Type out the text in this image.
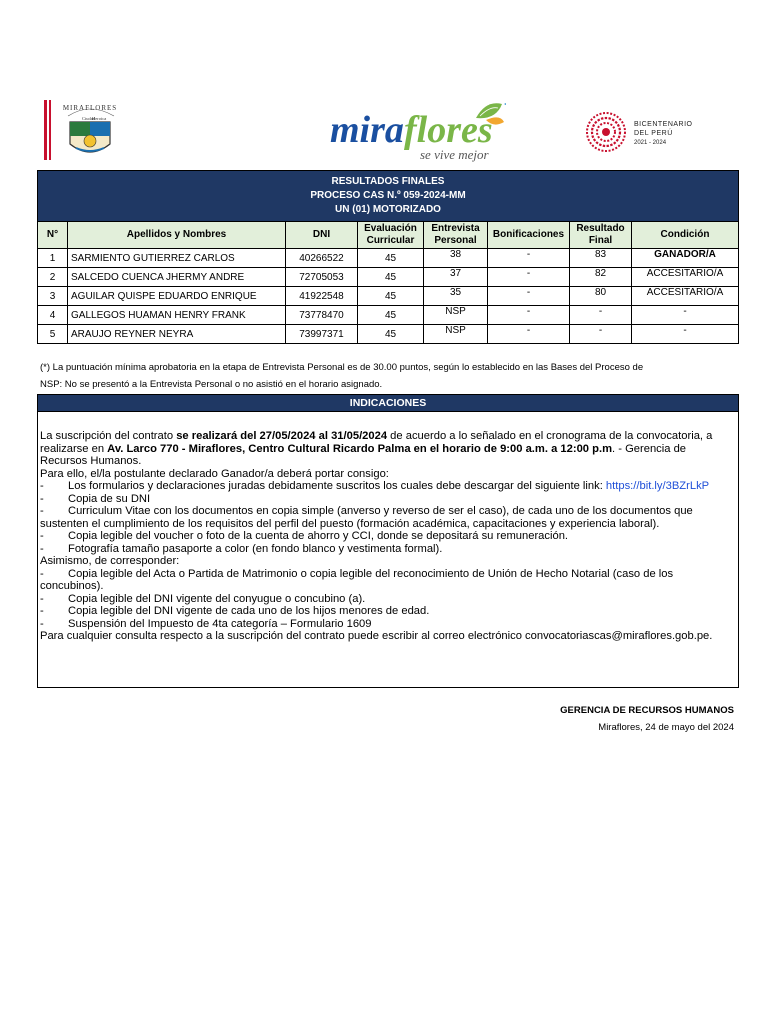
MIRAFLORES
Ciudad
Heroica	mira flores
se vive mejor
BICENTENARIO
DEL PERÚ
2021 - 2024
RESULTADOS FINALES
PROCESO CAS N.º 059-2024-MM
UN (01) MOTORIZADO							

N°	Apellidos y Nombres	DNI	Evaluación Curricular	Entrevista Personal	Bonificaciones	Resultado Final	Condición
1	SARMIENTO GUTIERREZ CARLOS	40266522	45	38	-	83	GANADOR/A
2	SALCEDO CUENCA JHERMY ANDRE	72705053	45	37	-	82	ACCESITARIO/A
3	AGUILAR QUISPE EDUARDO ENRIQUE	41922548	45	35	-	80	ACCESITARIO/A
4	GALLEGOS HUAMAN HENRY FRANK	73778470	45	NSP	-	-	-
5	ARAUJO REYNER NEYRA	73997371	45	NSP	-	-	-
(*) La puntuación mínima aprobatoria en la etapa de Entrevista Personal es de 30.00 puntos, según lo establecido en las Bases del Proceso de
NSP: No se presentó a la Entrevista Personal o no asistió en el horario asignado.
INDICACIONES

La suscripción del contrato se realizará del 27/05/2024 al 31/05/2024 de acuerdo a lo señalado en el cronograma de la convocatoria, a realizarse en Av. Larco 770 - Miraflores, Centro Cultural Ricardo Palma en el horario de 9:00 a.m. a 12:00 p.m. - Gerencia de Recursos Humanos.

Para ello, el/la postulante declarado Ganador/a deberá portar consigo:

- Los formularios y declaraciones juradas debidamente suscritos los cuales debe descargar del siguiente link: https://bit.ly/3BZrLkP

- Copia de su DNI

- Curriculum Vitae con los documentos en copia simple (anverso y reverso de ser el caso), de cada uno de los documentos que sustenten el cumplimiento de los requisitos del perfil del puesto (formación académica, capacitaciones y experiencia laboral).

- Copia legible del voucher o foto de la cuenta de ahorro y CCI, donde se depositará su remuneración.

- Fotografía tamaño pasaporte a color (en fondo blanco y vestimenta formal).

Asimismo, de corresponder:

- Copia legible del Acta o Partida de Matrimonio o copia legible del reconocimiento de Unión de Hecho Notarial (caso de los concubinos).

- Copia legible del DNI vigente del conyugue o concubino (a).

- Copia legible del DNI vigente de cada uno de los hijos menores de edad.

- Suspensión del Impuesto de 4ta categoría – Formulario 1609

Para cualquier consulta respecto a la suscripción del contrato puede escribir al correo electrónico convocatoriascas@miraflores.gob.pe.

GERENCIA DE RECURSOS HUMANOS
Miraflores, 24 de mayo del 2024
